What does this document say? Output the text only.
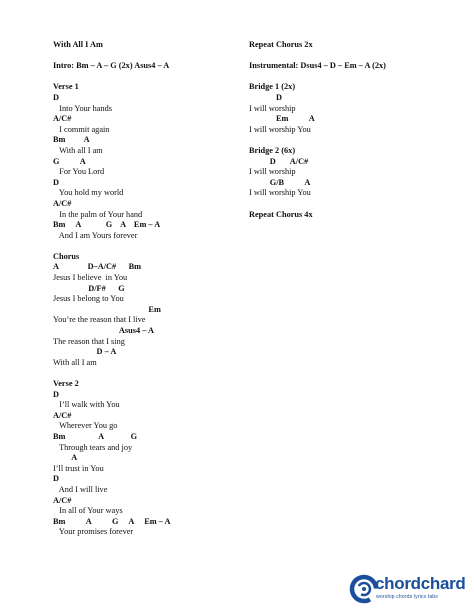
With All I Am

Intro: Bm – A – G (2x) Asus4 – A

Verse 1

D

Into Your hands

A/C#

I commit again

Bm         A

With all I am

G          A

For You Lord

D

You hold my world

A/C#

In the palm of Your hand

Bm     A            G    A    Em – A

And I am Yours forever

Chorus

A              D–A/C#      Bm

Jesus I believe  in You

D/F#      G

Jesus I belong to You

Em

You’re the reason that I live

Asus4 – A

The reason that I sing

D – A

With all I am

Verse 2

D

I’ll walk with You

A/C#

Wherever You go

Bm                A             G

Through tears and joy

A

I’ll trust in You

D

And I will live

A/C#

In all of Your ways

Bm          A          G     A     Em – A

Your promises forever

Repeat Chorus 2x

Instrumental: Dsus4 – D – Em – A (2x)

Bridge 1 (2x)

D

I will worship

Em          A

I will worship You

Bridge 2 (6x)

D       A/C#

I will worship

G/B          A

I will worship You

Repeat Chorus 4x

chordchard
worship chords lyrics tabs
